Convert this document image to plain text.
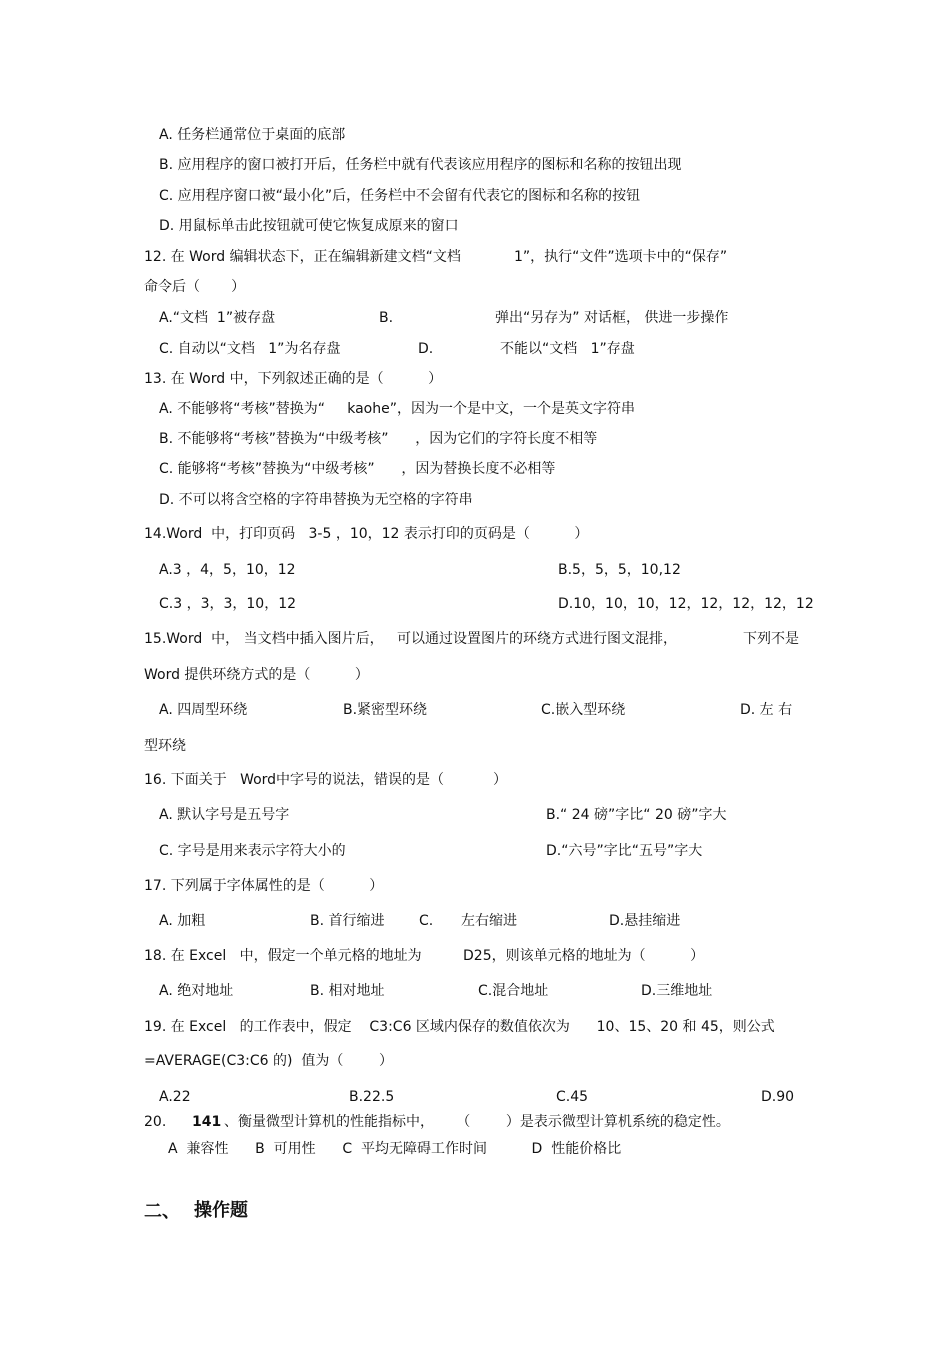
A. 任务栏通常位于桌面的底部
B. 应用程序的窗口被打开后，任务栏中就有代表该应用程序的图标和名称的按钮出现
C. 应用程序窗口被“最小化”后，任务栏中不会留有代表它的图标和名称的按钮
D. 用鼠标单击此按钮就可使它恢复成原来的窗口
12. 在 Word 编辑状态下，正在编辑新建文档“文档	1”，执行“文件”选项卡中的“保存”
命令后（       ）
A.“文档  1”被存盘	B.	弹出“另存为” 对话框， 供进一步操作
C. 自动以“文档   1”为名存盘	D.	不能以“文档   1”存盘
13. 在 Word 中，下列叙述正确的是（          ）
A. 不能够将“考核”替换为“     kaohe”，因为一个是中文，一个是英文字符串
B. 不能够将“考核”替换为“中级考核”      ，因为它们的字符长度不相等
C. 能够将“考核”替换为“中级考核”      ，因为替换长度不必相等
D. 不可以将含空格的字符串替换为无空格的字符串
14.Word  中，打印页码   3-5 ，10，12 表示打印的页码是（          ）
A.3 ，4，5，10，12	B.5，5，5，10,12
C.3 ，3，3，10，12	D.10，10，10，12，12，12，12，12
15.Word  中， 当文档中插入图片后，   可以通过设置图片的环绕方式进行图文混排，	下列不是
Word 提供环绕方式的是（          ）
A. 四周型环绕	B.紧密型环绕	C.嵌入型环绕	D. 左 右
型环绕
16. 下面关于   Word中字号的说法，错误的是（           ）
A. 默认字号是五号字	B.“ 24 磅”字比“ 20 磅”字大
C. 字号是用来表示字符大小的	D.“六号”字比“五号”字大
17. 下列属于字体属性的是（          ）
A. 加粗	B. 首行缩进 C. 左右缩进	D.悬挂缩进
18. 在 Excel   中，假定一个单元格的地址为	D25，则该单元格的地址为（          ）
A. 绝对地址	B. 相对地址	C.混合地址	D.三维地址
19. 在 Excel   的工作表中，假定    C3:C6 区域内保存的数值依次为      10、15、20 和 45，则公式
=AVERAGE(C3:C6 的)  值为（        ）
A.22	B.22.5	C.45	D.90
20. 141 、衡量微型计算机的性能指标中，     （        ）是表示微型计算机系统的稳定性。
A  兼容性      B  可用性      C  平均无障碍工作时间          D  性能价格比
二、 操作题
